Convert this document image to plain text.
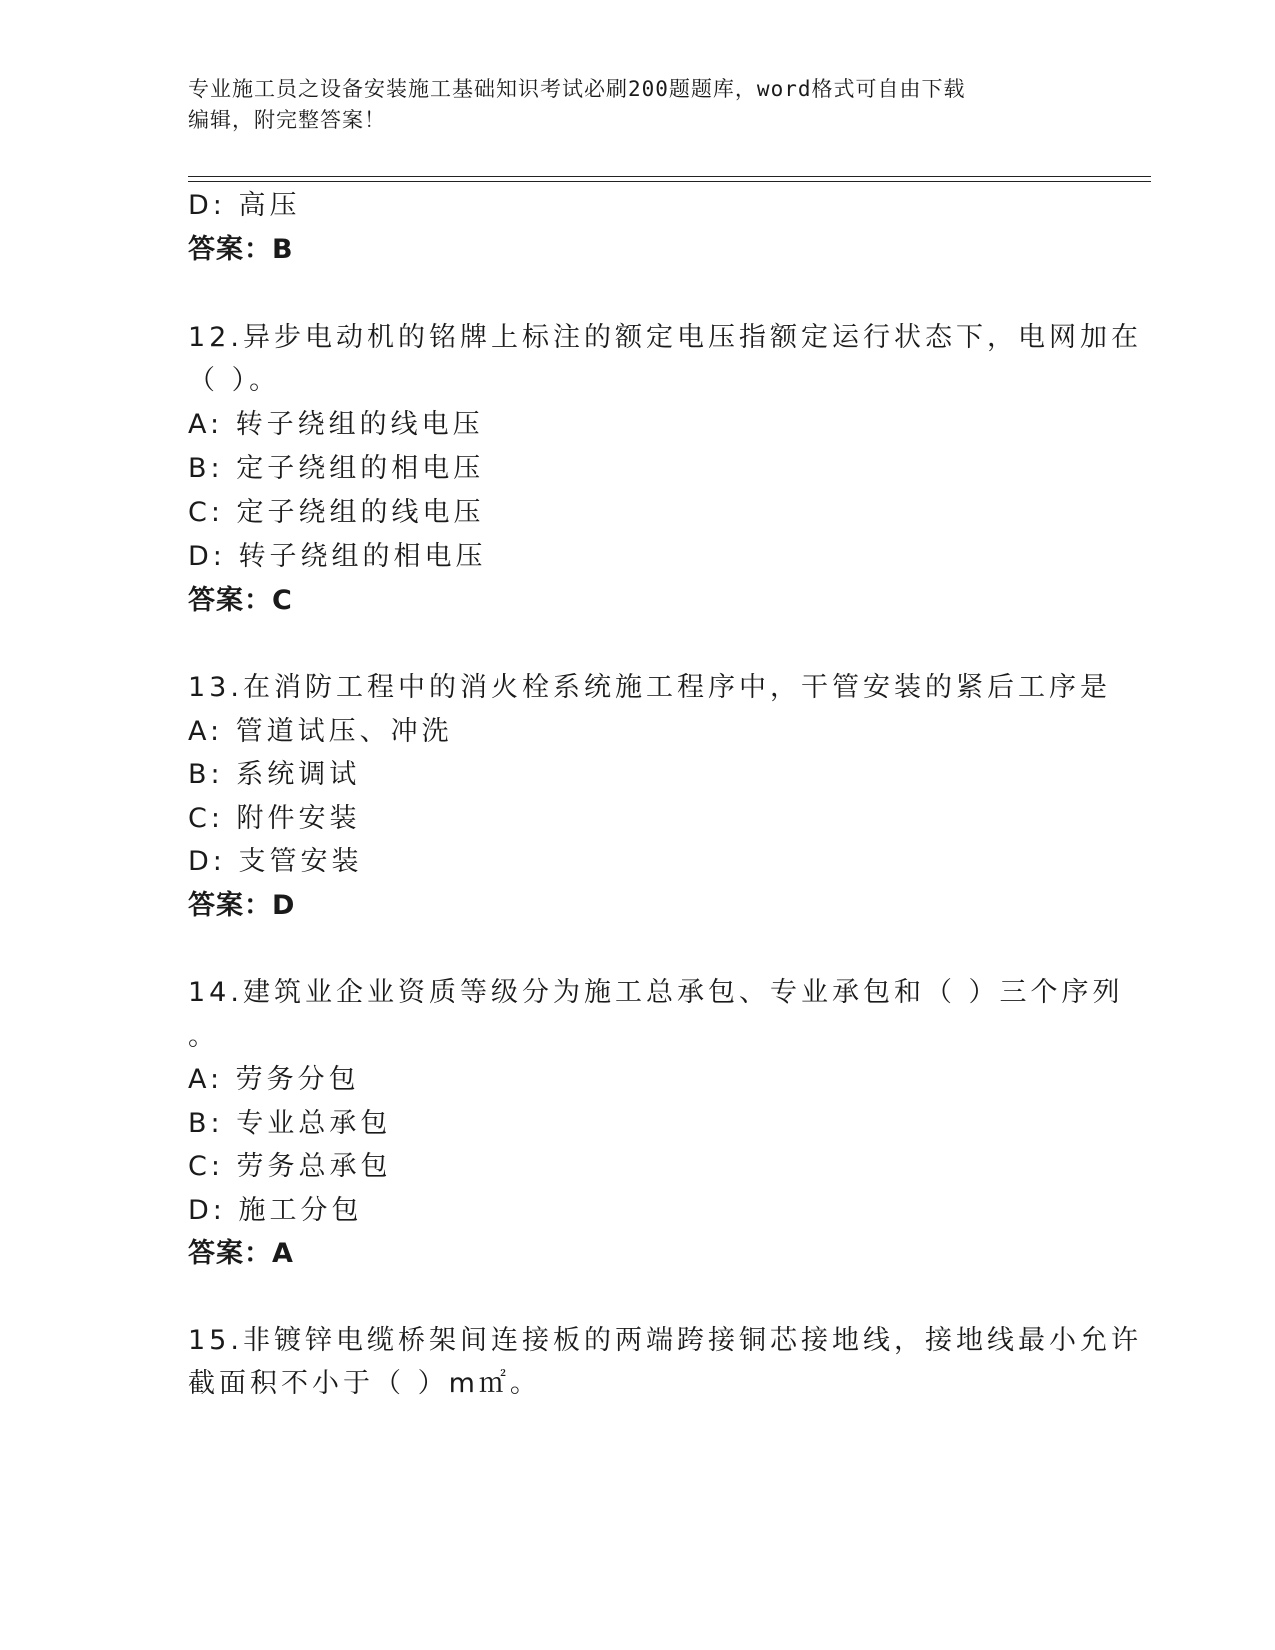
专业施工员之设备安装施工基础知识考试必刷200题题库，word格式可自由下载
编辑，附完整答案！
D: 高压
答案：B
12.异步电动机的铭牌上标注的额定电压指额定运行状态下，电网加在
（ ）。
A: 转子绕组的线电压
B: 定子绕组的相电压
C: 定子绕组的线电压
D: 转子绕组的相电压
答案：C
13.在消防工程中的消火栓系统施工程序中，干管安装的紧后工序是
A: 管道试压、冲洗
B: 系统调试
C: 附件安装
D: 支管安装
答案：D
14.建筑业企业资质等级分为施工总承包、专业承包和（ ）三个序列
。
A: 劳务分包
B: 专业总承包
C: 劳务总承包
D: 施工分包
答案：A
15.非镀锌电缆桥架间连接板的两端跨接铜芯接地线，接地线最小允许
截面积不小于（ ）m㎡。
